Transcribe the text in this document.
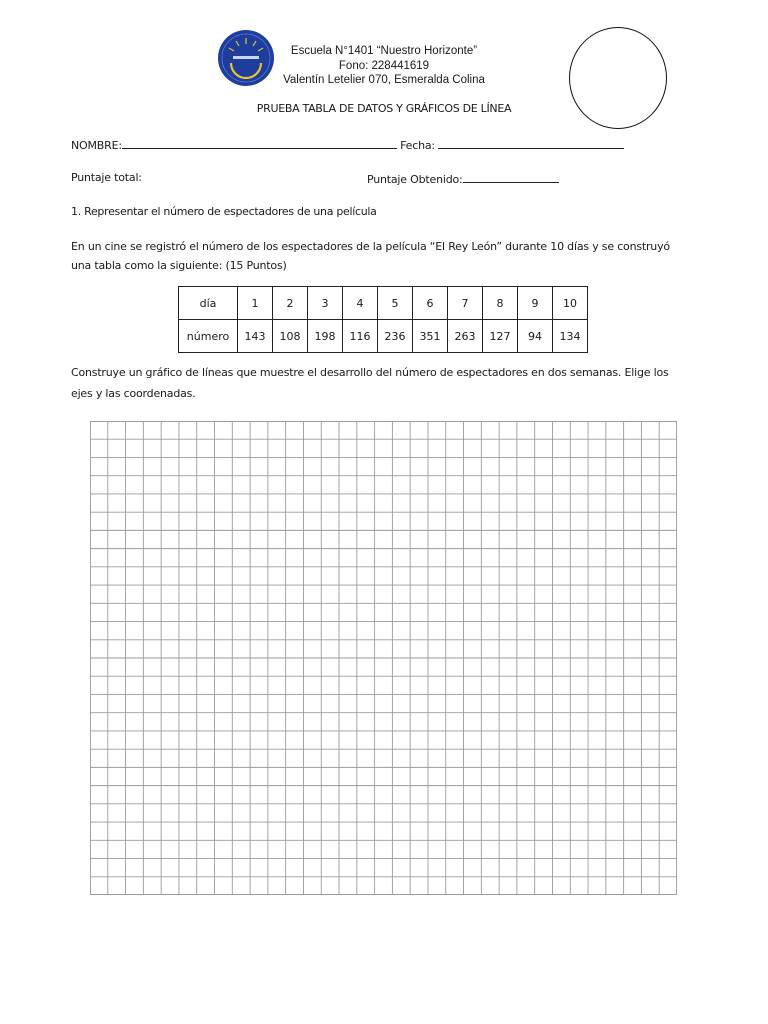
Escuela N°1401 “Nuestro Horizonte”
Fono: 228441619
Valentín Letelier 070, Esmeralda Colina
PRUEBA TABLA DE DATOS Y GRÁFICOS DE LÍNEA
NOMBRE:	Fecha:
Puntaje total:	Puntaje Obtenido:
1. Representar el número de espectadores de una película
En un cine se registró el número de los espectadores de la película “El Rey León” durante 10 días y se construyó
una tabla como la siguiente: (15 Puntos)
día	1	2	3	4	5	6	7	8	9	10
número	143	108	198	116	236	351	263	127	94	134
Construye un gráfico de líneas que muestre el desarrollo del número de espectadores en dos semanas. Elige los
ejes y las coordenadas.
